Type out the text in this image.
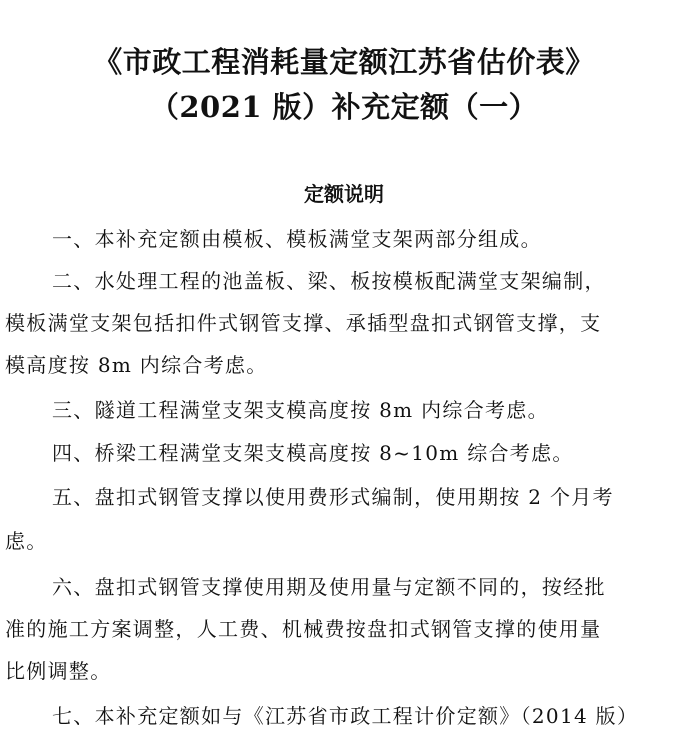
《市政工程消耗量定额江苏省估价表》
（2021 版）补充定额（一）
定额说明
一、本补充定额由模板、模板满堂支架两部分组成。
二、水处理工程的池盖板、梁、板按模板配满堂支架编制，
模板满堂支架包括扣件式钢管支撑、承插型盘扣式钢管支撑，支
模高度按 8m 内综合考虑。
三、隧道工程满堂支架支模高度按 8m 内综合考虑。
四、桥梁工程满堂支架支模高度按 8~10m 综合考虑。
五、盘扣式钢管支撑以使用费形式编制，使用期按 2 个月考
虑。
六、盘扣式钢管支撑使用期及使用量与定额不同的，按经批
准的施工方案调整，人工费、机械费按盘扣式钢管支撑的使用量
比例调整。
七、本补充定额如与《江苏省市政工程计价定额》（2014 版）
